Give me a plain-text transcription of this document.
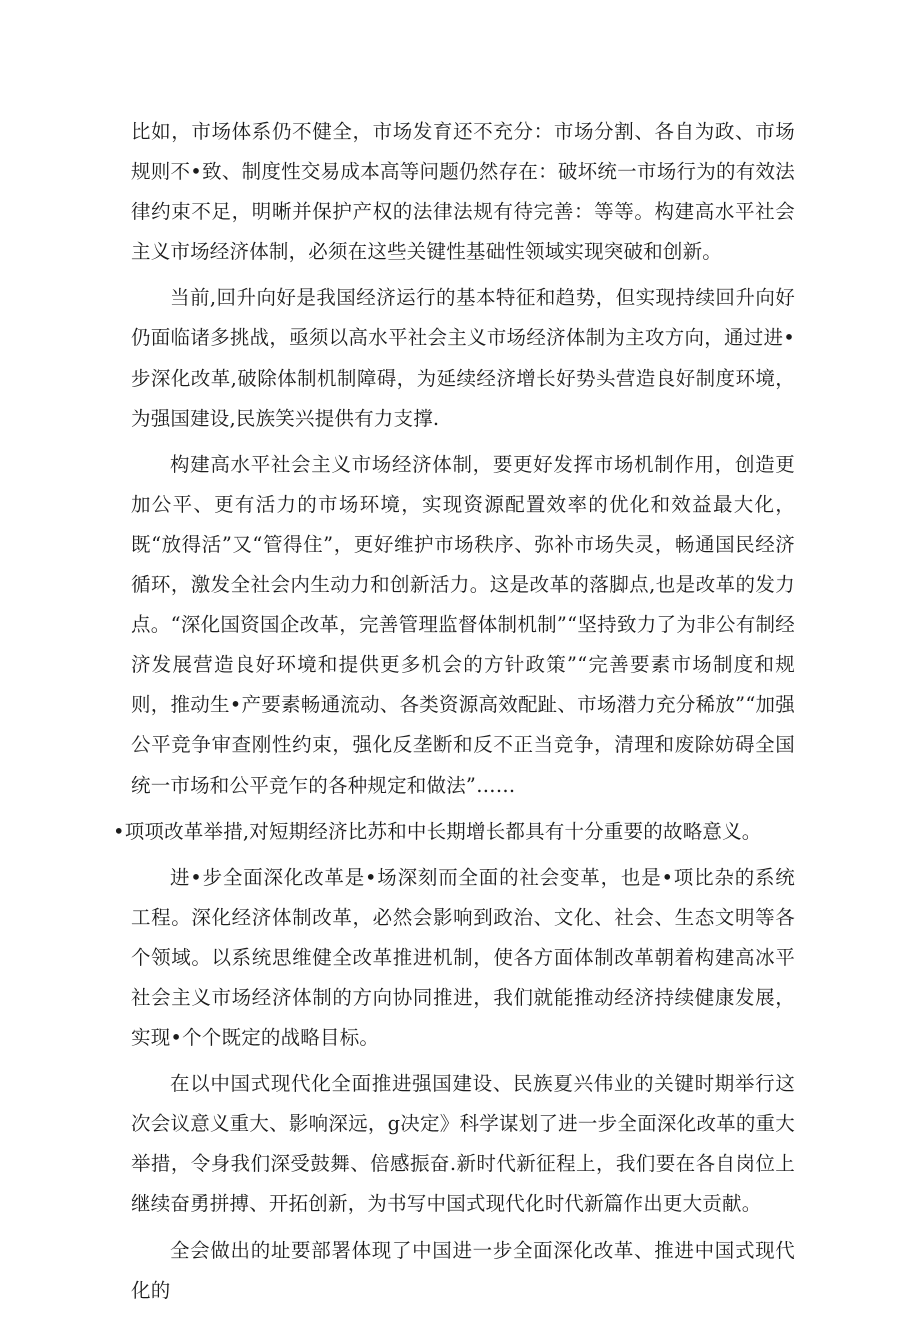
比如，市场体系仍不健全，市场发育还不充分：市场分割、各自为政、市场规则不•致、制度性交易成本高等问题仍然存在：破坏统一市场行为的有效法律约束不足，明晰并保护产权的法律法规有待完善：等等。构建高水平社会主义市场经济体制，必须在这些关键性基础性领域实现突破和创新。

当前,回升向好是我国经济运行的基本特征和趋势，但实现持续回升向好仍面临诸多挑战，亟须以高水平社会主义市场经济体制为主攻方向，通过进•步深化改革,破除体制机制障碍，为延续经济增长好势头营造良好制度环境，为强国建设,民族笑兴提供有力支撑.

构建高水平社会主义市场经济体制，要更好发挥市场机制作用，创造更加公平、更有活力的市场环境，实现资源配置效率的优化和效益最大化，既“放得活”又“管得住”，更好维护市场秩序、弥补市场失灵，畅通国民经济循环，激发全社会内生动力和创新活力。这是改革的落脚点,也是改革的发力点。“深化国资国企改革，完善管理监督体制机制”“坚持致力了为非公有制经济发展营造良好环境和提供更多机会的方针政策”“完善要素市场制度和规则，推动生•产要素畅通流动、各类资源高效配趾、市场潜力充分稀放”“加强公平竞争审查刚性约束，强化反垄断和反不正当竞争，清理和废除妨碍全国统一市场和公平竞乍的各种规定和做法”……

•项项改革举措,对短期经济比苏和中长期增长都具有十分重要的故略意义。

进•步全面深化改革是•场深刻而全面的社会变革，也是•项比杂的系统工程。深化经济体制改革，必然会影响到政治、文化、社会、生态文明等各个领域。以系统思维健全改革推进机制，使各方面体制改革朝着构建高冰平社会主义市场经济体制的方向协同推进，我们就能推动经济持续健康发展，实现•个个既定的战略目标。

在以中国式现代化全面推进强国建设、民族夏兴伟业的关键时期举行这次会议意义重大、影响深远，g决定》科学谋划了进一步全面深化改革的重大举措，令身我们深受鼓舞、倍感振奋.新时代新征程上，我们要在各自岗位上继续奋勇拼搏、开拓创新，为书写中国式现代化时代新篇作出更大贡献。

全会做出的址要部署体现了中国进一步全面深化改革、推进中国式现代化的
